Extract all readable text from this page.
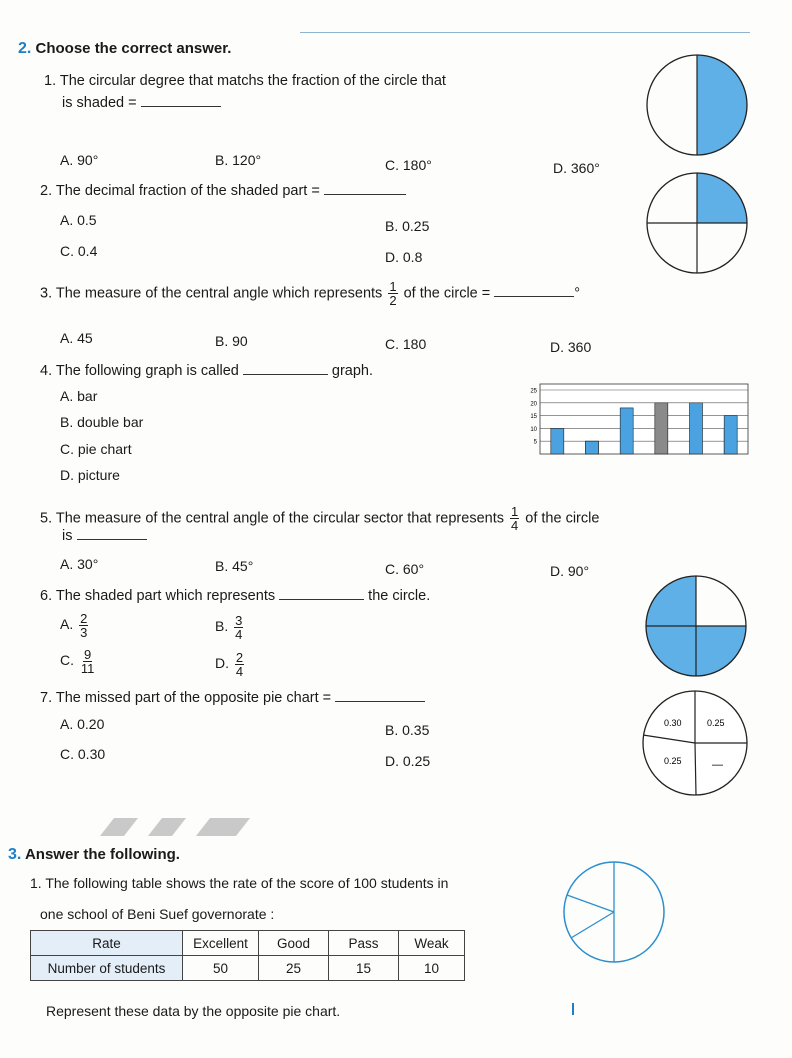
2. Choose the correct answer.
1. The circular degree that matchs the fraction of the circle that
is shaded =
A. 90°	B. 120°	C. 180°	D. 360°
2. The decimal fraction of the shaded part =
A. 0.5	B. 0.25
C. 0.4	D. 0.8
3. The measure of the central angle which represents $\frac{1}{2}$ of the circle =	°
A. 45	B. 90	C. 180	D. 360
4. The following graph is called	graph.
A. bar
B. double bar
C. pie chart
D. picture
25
20
15
10
5
5. The measure of the central angle of the circular sector that represents $\frac{1}{4}$ of the circle
is
A. 30°	B. 45°	C. 60°	D. 90°
6. The shaded part which represents	the circle.
A. $\frac{2}{3}$	B. $\frac{3}{4}$
C. $\frac{9}{11}$	D. $\frac{2}{4}$
7. The missed part of the opposite pie chart =
A. 0.20	B. 0.35
C. 0.30	D. 0.25
0.30	0.25
0.25	—
3. Answer the following.
1. The following table shows the rate of the score of 100 students in
one school of Beni Suef governorate :
Rate	Excellent	Good	Pass	Weak
Number of students	50	25	15	10
Represent these data by the opposite pie chart.
